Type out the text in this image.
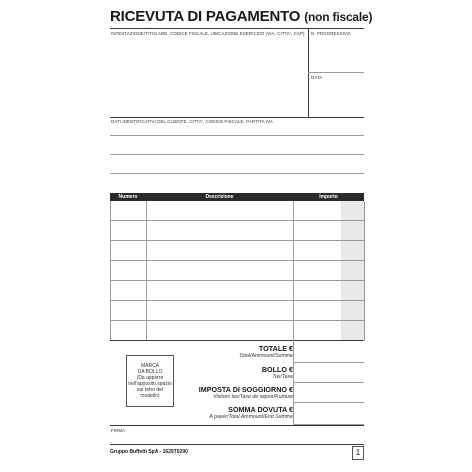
RICEVUTA DI PAGAMENTO (non fiscale)
INTESTAZIONE/TITOLARE, CODICE FISCALE, UBICAZIONE ESERCIZIO (VIA, CITTA', CAP) N. PROGRESSIVO
DATA
DATI IDENTIFICATIVI DEL CLIENTE, CITTA', CODICE FISCALE, PARTITA IVA
Numero	Descrizione	Importo
TOTALE €
Total/Ammount/Summe
BOLLO €
Tax/Taxe
IMPOSTA DI SOGGIORNO €
Visitors tax/Taxe de séjour/Kurtaxe
SOMMA DOVUTA €
A payer/Total Ammount/End Summe
MARCA
DA BOLLO
(Da apporre
nell'apposito spazio
sul retro del modello)
FIRMA
Gruppo Buffetti SpA - 1629T0290	1
